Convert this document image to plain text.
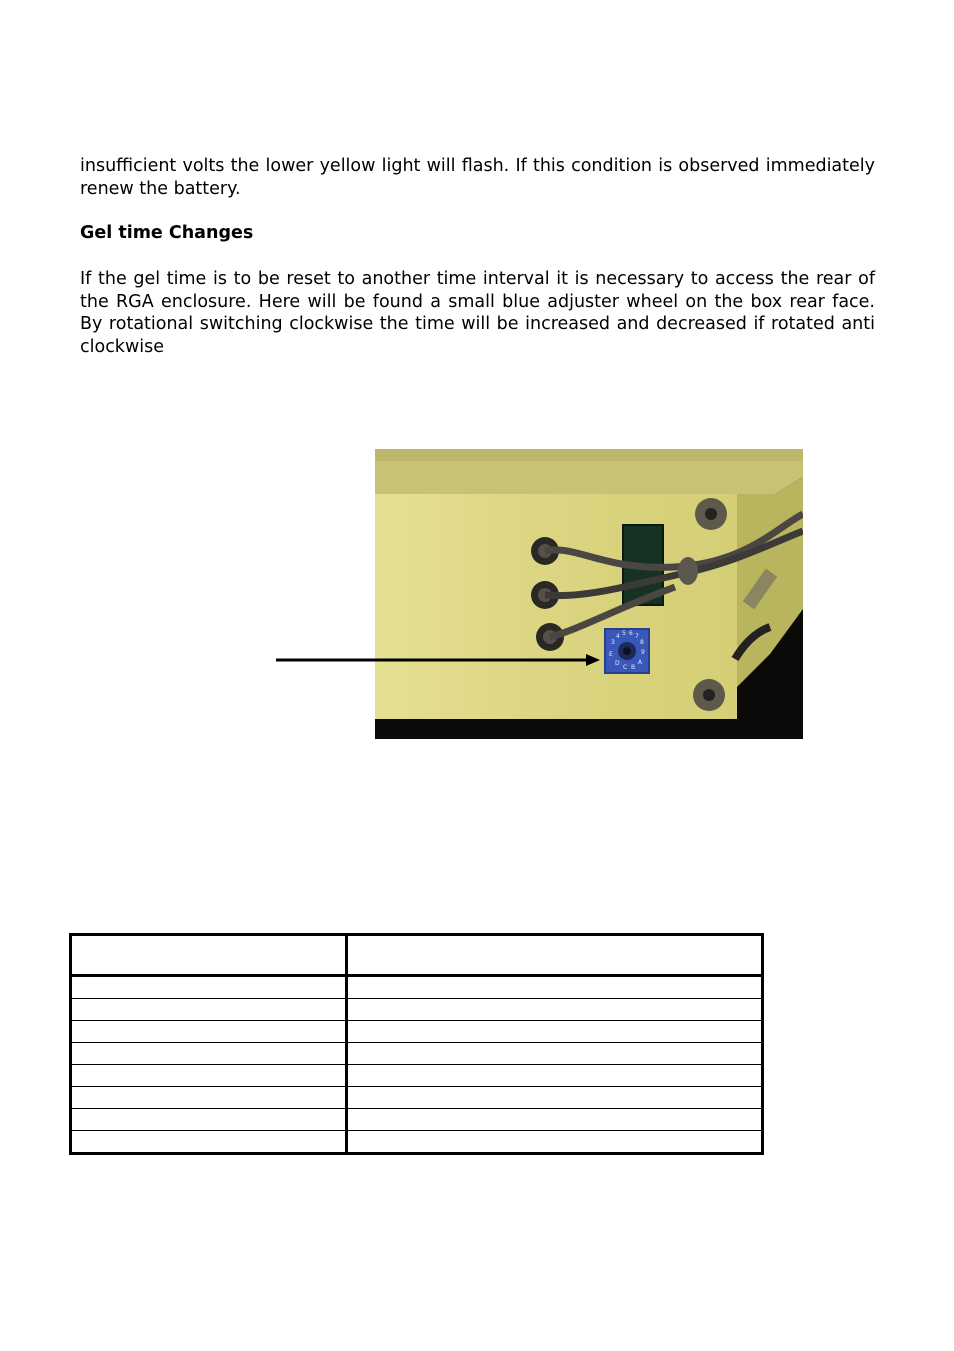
insufficient volts the lower yellow light will flash. If this condition is observed immediately renew the battery.

Gel time Changes

If the gel time is to be reset to another time interval it is necessary to access the rear of the RGA enclosure. Here will be found a small blue adjuster wheel on the box rear face. By rotational switching clockwise the time will be increased and decreased if rotated anti clockwise

3
4 5 6 7
8
9
A
B
C
D
E
